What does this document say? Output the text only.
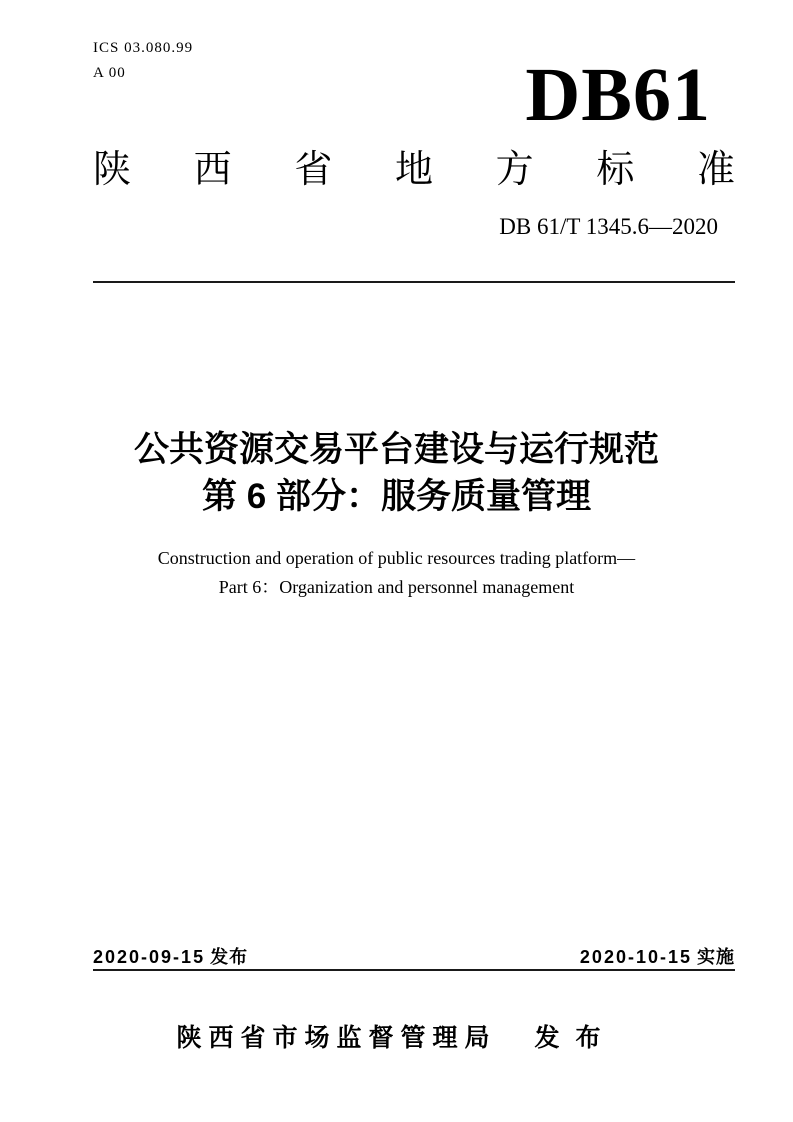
ICS 03.080.99
A 00	DB61
陕西省地方标准
DB 61/T 1345.6—2020
公共资源交易平台建设与运行规范
第 6 部分：服务质量管理
Construction and operation of public resources trading platform—
Part 6：Organization and personnel management
2020-09-15 发布	2020-10-15 实施
陕西省市场监督管理局 发布
